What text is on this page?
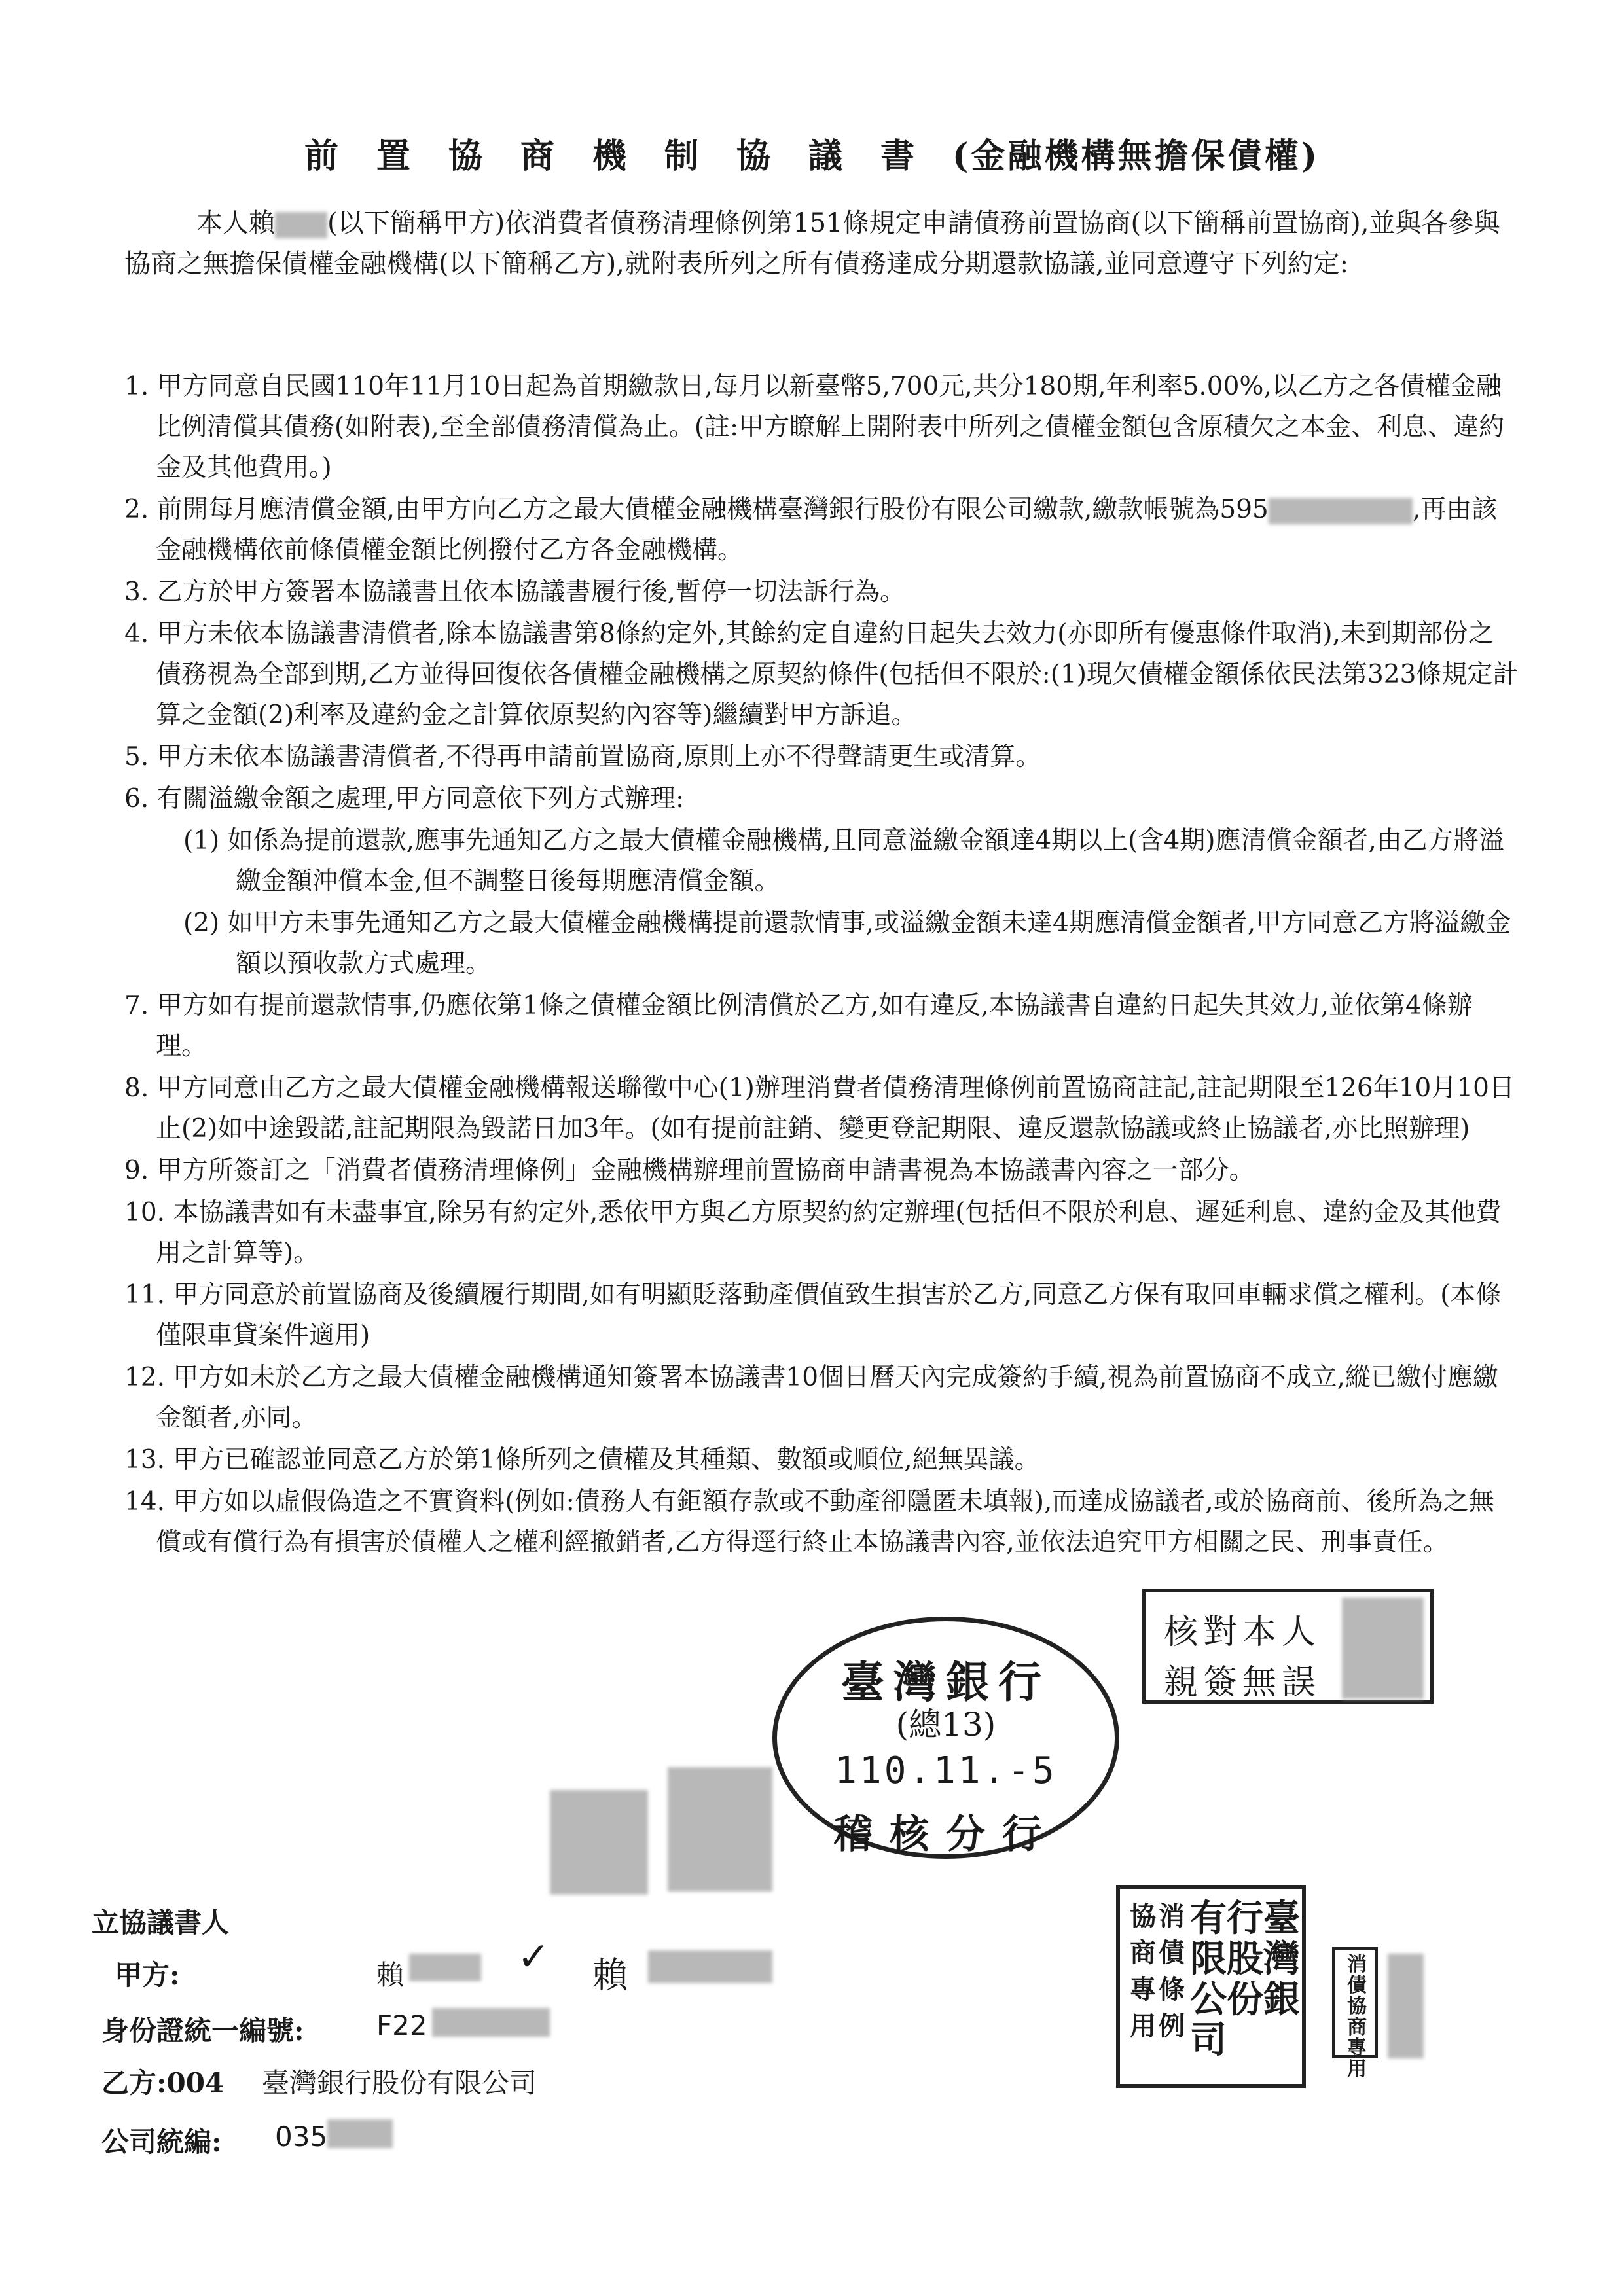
前置協商機制協議書(金融機構無擔保債權)
本人賴 (以下簡稱甲方)依消費者債務清理條例第151條規定申請債務前置協商(以下簡稱前置協商),並與各參與協商之無擔保債權金融機構(以下簡稱乙方),就附表所列之所有債務達成分期還款協議,並同意遵守下列約定:
1. 甲方同意自民國110年11月10日起為首期繳款日,每月以新臺幣5,700元,共分180期,年利率5.00%,以乙方之各債權金融比例清償其債務(如附表),至全部債務清償為止。(註:甲方瞭解上開附表中所列之債權金額包含原積欠之本金、利息、違約金及其他費用。)
2. 前開每月應清償金額,由甲方向乙方之最大債權金融機構臺灣銀行股份有限公司繳款,繳款帳號為595	,再由該金融機構依前條債權金額比例撥付乙方各金融機構。
3. 乙方於甲方簽署本協議書且依本協議書履行後,暫停一切法訴行為。
4. 甲方未依本協議書清償者,除本協議書第8條約定外,其餘約定自違約日起失去效力(亦即所有優惠條件取消),未到期部份之債務視為全部到期,乙方並得回復依各債權金融機構之原契約條件(包括但不限於:(1)現欠債權金額係依民法第323條規定計算之金額(2)利率及違約金之計算依原契約內容等)繼續對甲方訴追。
5. 甲方未依本協議書清償者,不得再申請前置協商,原則上亦不得聲請更生或清算。
6. 有關溢繳金額之處理,甲方同意依下列方式辦理:
(1) 如係為提前還款,應事先通知乙方之最大債權金融機構,且同意溢繳金額達4期以上(含4期)應清償金額者,由乙方將溢繳金額沖償本金,但不調整日後每期應清償金額。
(2) 如甲方未事先通知乙方之最大債權金融機構提前還款情事,或溢繳金額未達4期應清償金額者,甲方同意乙方將溢繳金額以預收款方式處理。
7. 甲方如有提前還款情事,仍應依第1條之債權金額比例清償於乙方,如有違反,本協議書自違約日起失其效力,並依第4條辦理。
8. 甲方同意由乙方之最大債權金融機構報送聯徵中心(1)辦理消費者債務清理條例前置協商註記,註記期限至126年10月10日止(2)如中途毀諾,註記期限為毀諾日加3年。(如有提前註銷、變更登記期限、違反還款協議或終止協議者,亦比照辦理)
9. 甲方所簽訂之「消費者債務清理條例」金融機構辦理前置協商申請書視為本協議書內容之一部分。
10. 本協議書如有未盡事宜,除另有約定外,悉依甲方與乙方原契約約定辦理(包括但不限於利息、遲延利息、違約金及其他費用之計算等)。
11. 甲方同意於前置協商及後續履行期間,如有明顯貶落動產價值致生損害於乙方,同意乙方保有取回車輛求償之權利。(本條僅限車貸案件適用)
12. 甲方如未於乙方之最大債權金融機構通知簽署本協議書10個日曆天內完成簽約手續,視為前置協商不成立,縱已繳付應繳金額者,亦同。
13. 甲方已確認並同意乙方於第1條所列之債權及其種類、數額或順位,絕無異議。
14. 甲方如以虛假偽造之不實資料(例如:債務人有鉅額存款或不動產卻隱匿未填報),而達成協議者,或於協商前、後所為之無償或有償行為有損害於債權人之權利經撤銷者,乙方得逕行終止本協議書內容,並依法追究甲方相關之民、刑事責任。
臺灣銀行
(總13)
110.11.-5
稽核分行
核對本人
親簽無誤
立協議書人
甲方:	賴	✓ 賴
身份證統一編號:	F22
乙方:004 臺灣銀行股份有限公司
公司統編: 035
臺灣銀
行股份
有限公司
消債條例
協商專用
消債協商專用
